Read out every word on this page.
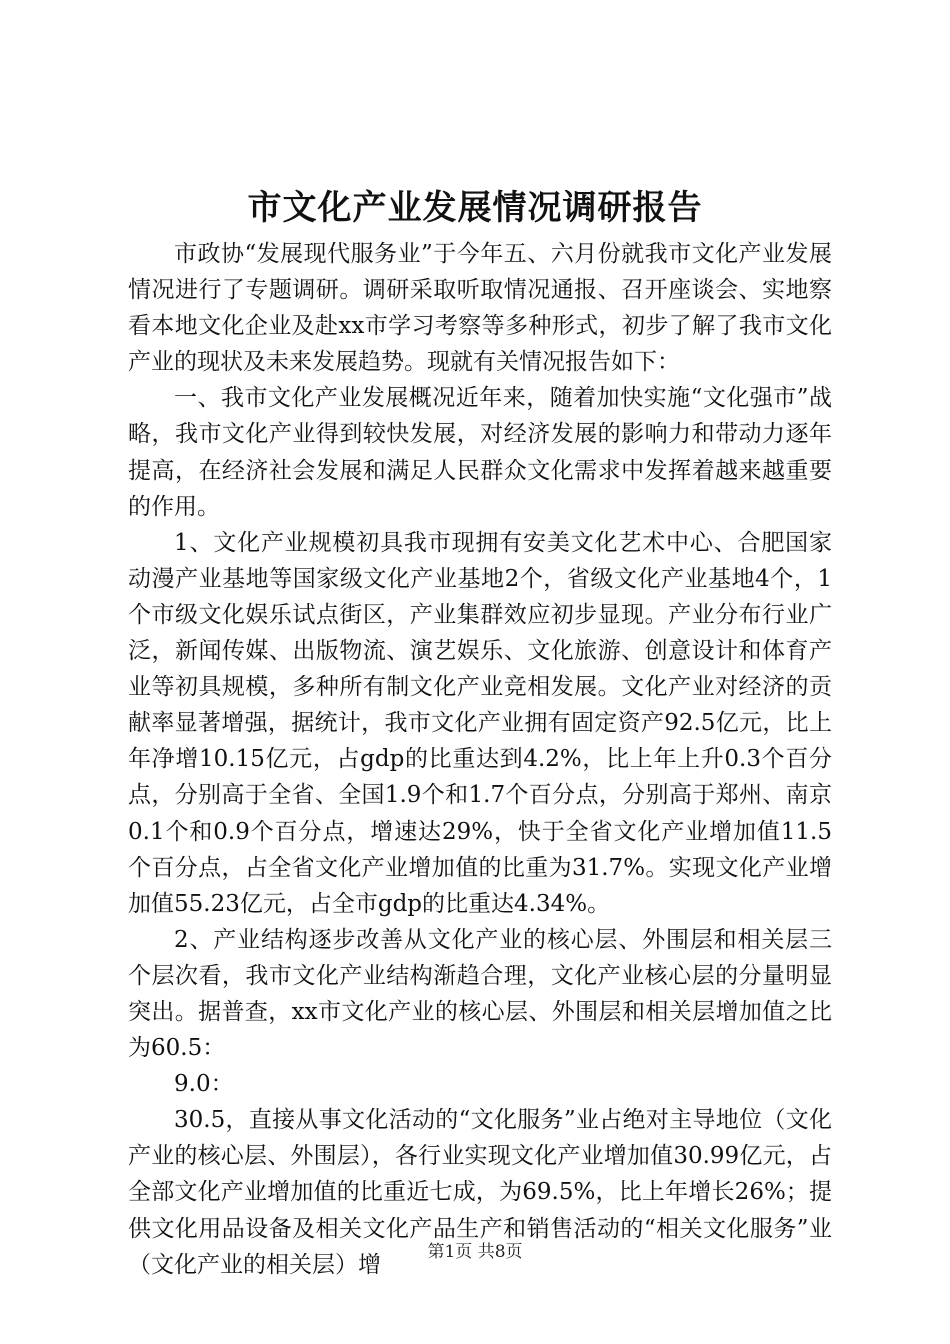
市文化产业发展情况调研报告

市政协“发展现代服务业”于今年五、六月份就我市文化产业发展情况进行了专题调研。调研采取听取情况通报、召开座谈会、实地察看本地文化企业及赴xx市学习考察等多种形式，初步了解了我市文化产业的现状及未来发展趋势。现就有关情况报告如下：

一、我市文化产业发展概况近年来，随着加快实施“文化强市”战略，我市文化产业得到较快发展，对经济发展的影响力和带动力逐年提高，在经济社会发展和满足人民群众文化需求中发挥着越来越重要的作用。

1、文化产业规模初具我市现拥有安美文化艺术中心、合肥国家动漫产业基地等国家级文化产业基地2个，省级文化产业基地4个，1个市级文化娱乐试点街区，产业集群效应初步显现。产业分布行业广泛，新闻传媒、出版物流、演艺娱乐、文化旅游、创意设计和体育产业等初具规模，多种所有制文化产业竞相发展。文化产业对经济的贡献率显著增强，据统计，我市文化产业拥有固定资产92.5亿元，比上年净增10.15亿元，占gdp的比重达到4.2%，比上年上升0.3个百分点，分别高于全省、全国1.9个和1.7个百分点，分别高于郑州、南京0.1个和0.9个百分点，增速达29%，快于全省文化产业增加值11.5个百分点，占全省文化产业增加值的比重为31.7%。实现文化产业增加值55.23亿元，占全市gdp的比重达4.34%。

2、产业结构逐步改善从文化产业的核心层、外围层和相关层三个层次看，我市文化产业结构渐趋合理，文化产业核心层的分量明显突出。据普查，xx市文化产业的核心层、外围层和相关层增加值之比为60.5：

9.0：

30.5，直接从事文化活动的“文化服务”业占绝对主导地位（文化产业的核心层、外围层），各行业实现文化产业增加值30.99亿元，占全部文化产业增加值的比重近七成，为69.5%，比上年增长26%；提供文化用品设备及相关文化产品生产和销售活动的“相关文化服务”业（文化产业的相关层）增	第1页 共8页
